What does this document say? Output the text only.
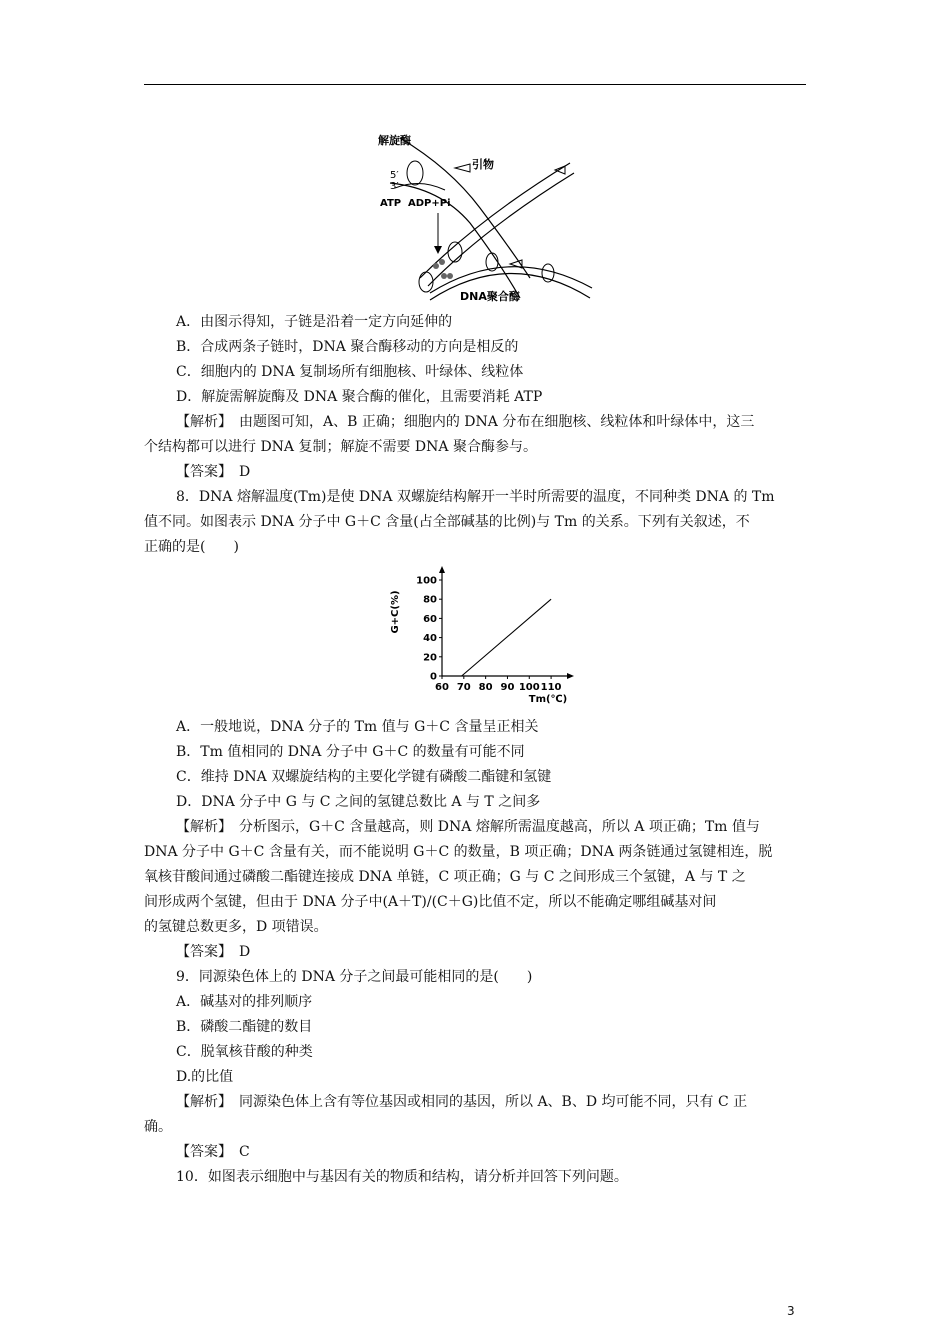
解旋酶
引物
5′
3′
ATP ADP+Pi
DNA聚合酶
A．由图示得知，子链是沿着一定方向延伸的
B．合成两条子链时，DNA 聚合酶移动的方向是相反的
C．细胞内的 DNA 复制场所有细胞核、叶绿体、线粒体
D．解旋需解旋酶及 DNA 聚合酶的催化，且需要消耗 ATP
【解析】　由题图可知，A、B 正确；细胞内的 DNA 分布在细胞核、线粒体和叶绿体中，这三
个结构都可以进行 DNA 复制；解旋不需要 DNA 聚合酶参与。
【答案】　D
8．DNA 熔解温度(Tm)是使 DNA 双螺旋结构解开一半时所需要的温度，不同种类 DNA 的 Tm
值不同。如图表示 DNA 分子中 G＋C 含量(占全部碱基的比例)与 Tm 的关系。下列有关叙述，不
正确的是(　　)
60 70 80 90 100 110
0
20
40
60
80
100
G+C(%)
Tm(℃)
A．一般地说，DNA 分子的 Tm 值与 G＋C 含量呈正相关
B．Tm 值相同的 DNA 分子中 G＋C 的数量有可能不同
C．维持 DNA 双螺旋结构的主要化学键有磷酸二酯键和氢键
D．DNA 分子中 G 与 C 之间的氢键总数比 A 与 T 之间多
【解析】　分析图示，G＋C 含量越高，则 DNA 熔解所需温度越高，所以 A 项正确；Tm 值与
DNA 分子中 G＋C 含量有关，而不能说明 G＋C 的数量，B 项正确；DNA 两条链通过氢键相连，脱
氧核苷酸间通过磷酸二酯键连接成 DNA 单链，C 项正确；G 与 C 之间形成三个氢键，A 与 T 之
间形成两个氢键，但由于 DNA 分子中(A＋T)/(C＋G)比值不定，所以不能确定哪组碱基对间
的氢键总数更多，D 项错误。
【答案】　D
9．同源染色体上的 DNA 分子之间最可能相同的是(　　)
A．碱基对的排列顺序
B．磷酸二酯键的数目
C．脱氧核苷酸的种类
D.的比值
【解析】　同源染色体上含有等位基因或相同的基因，所以 A、B、D 均可能不同，只有 C 正
确。
【答案】　C
10．如图表示细胞中与基因有关的物质和结构，请分析并回答下列问题。
3
